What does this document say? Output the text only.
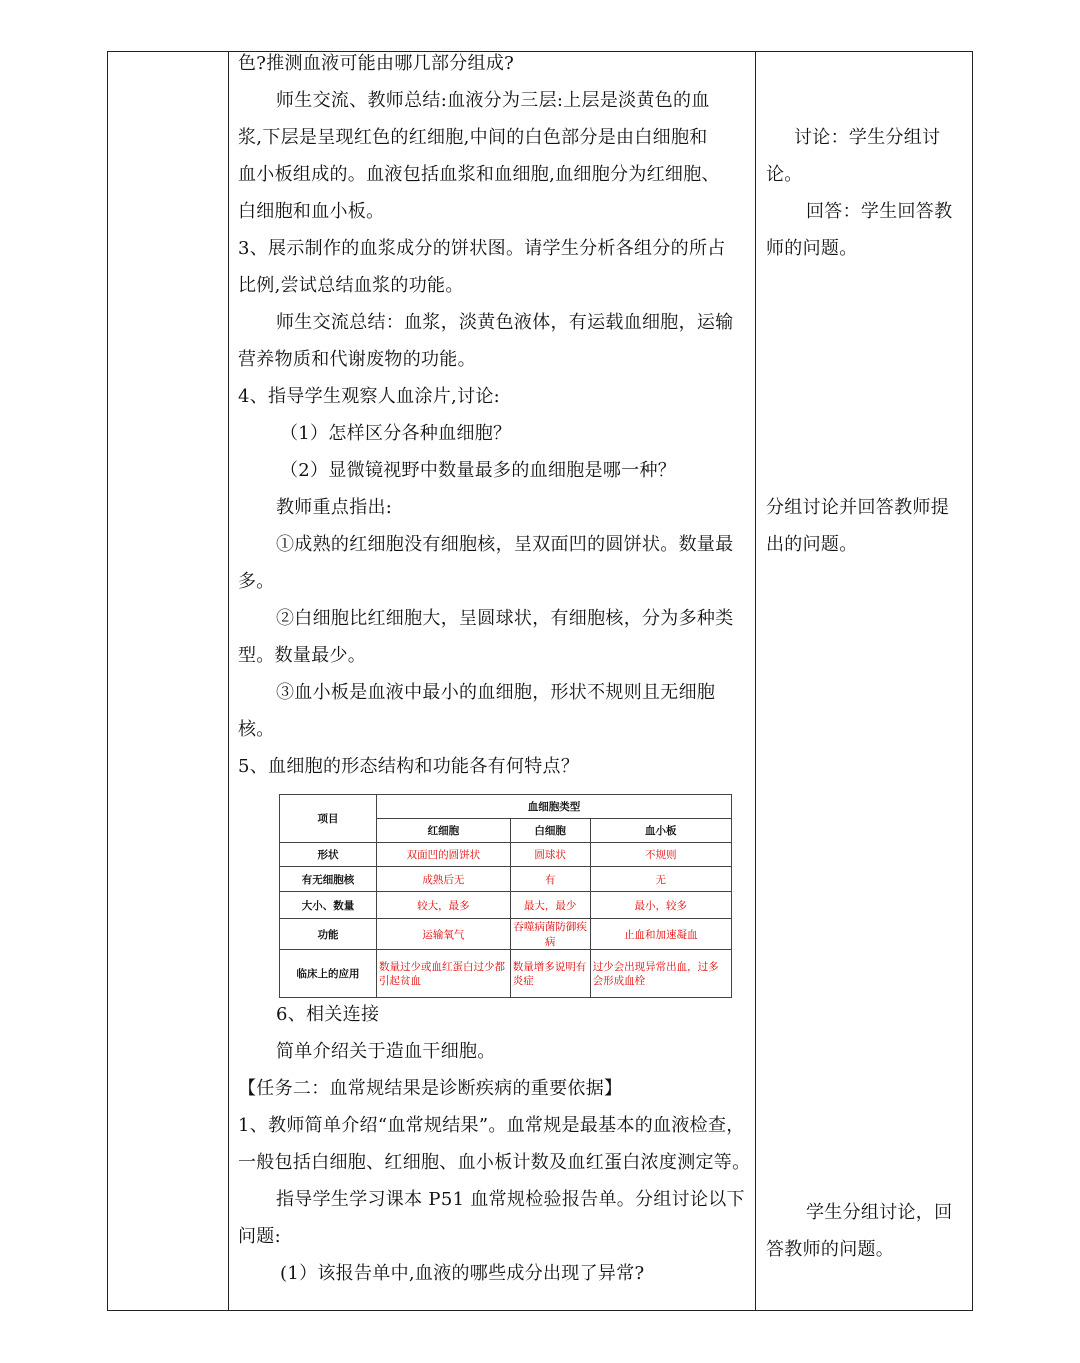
色?推测血液可能由哪几部分组成?
师生交流、教师总结:血液分为三层:上层是淡黄色的血
浆,下层是呈现红色的红细胞,中间的白色部分是由白细胞和
血小板组成的。血液包括血浆和血细胞,血细胞分为红细胞、
白细胞和血小板。
3、展示制作的血浆成分的饼状图。请学生分析各组分的所占
比例,尝试总结血浆的功能。
师生交流总结：血浆，淡黄色液体，有运载血细胞，运输
营养物质和代谢废物的功能。
4、指导学生观察人血涂片,讨论:
（1）怎样区分各种血细胞？
（2）显微镜视野中数量最多的血细胞是哪一种？
教师重点指出:
①成熟的红细胞没有细胞核，呈双面凹的圆饼状。数量最
多。
②白细胞比红细胞大，呈圆球状，有细胞核，分为多种类
型。数量最少。
③血小板是血液中最小的血细胞，形状不规则且无细胞
核。
5、血细胞的形态结构和功能各有何特点？
项目	血细胞类型		
	红细胞	白细胞	血小板
形状	双面凹的圆饼状	圆球状	不规则
有无细胞核	成熟后无	有	无
大小、数量	较大，最多	最大，最少	最小，较多
功能	运输氧气	吞噬病菌防御疾病	止血和加速凝血
临床上的应用	数量过少或血红蛋白过少都引起贫血	数量增多说明有炎症	过少会出现异常出血，过多会形成血栓
6、相关连接
简单介绍关于造血干细胞。
【任务二：血常规结果是诊断疾病的重要依据】
1、教师简单介绍“血常规结果”。血常规是最基本的血液检查，
一般包括白细胞、红细胞、血小板计数及血红蛋白浓度测定等。
指导学生学习课本 P51 血常规检验报告单。分组讨论以下
问题:
(1）该报告单中,血液的哪些成分出现了异常?
讨论：学生分组讨
论。
回答：学生回答教
师的问题。
分组讨论并回答教师提
出的问题。
学生分组讨论，回
答教师的问题。
